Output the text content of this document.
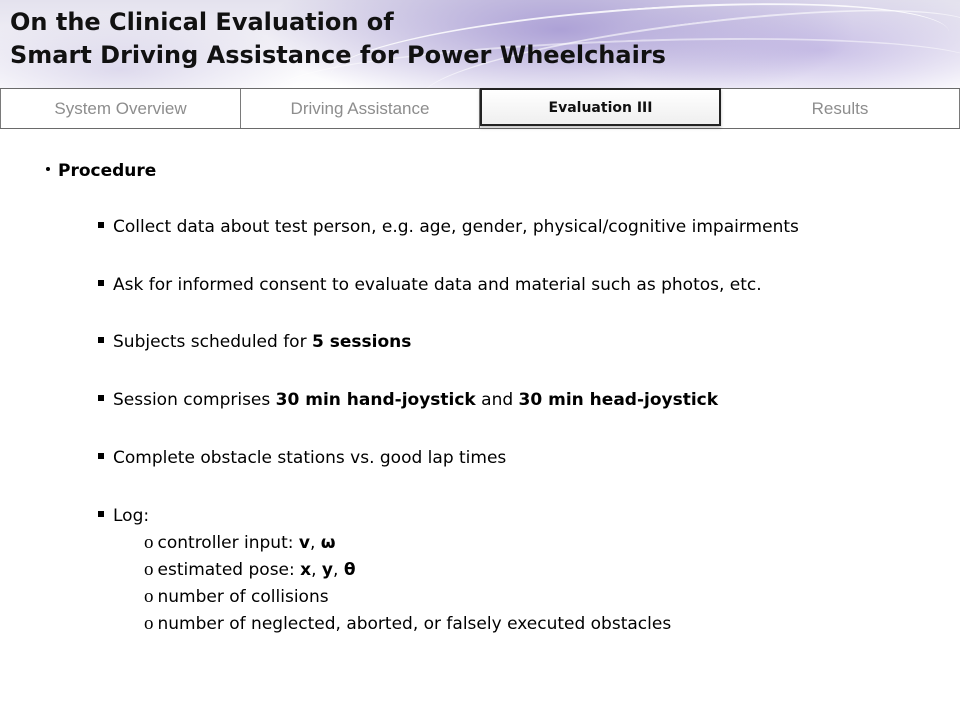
On the Clinical Evaluation of
Smart Driving Assistance for Power Wheelchairs
System Overview	Driving Assistance	Results
Evaluation III
Procedure
Collect data about test person, e.g. age, gender, physical/cognitive impairments
Ask for informed consent to evaluate data and material such as photos, etc.
Subjects scheduled for 5 sessions
Session comprises 30 min hand-joystick and 30 min head-joystick
Complete obstacle stations vs. good lap times
Log:
o controller input: v, ω
o estimated pose: x, y, θ
o number of collisions
o number of neglected, aborted, or falsely executed obstacles
